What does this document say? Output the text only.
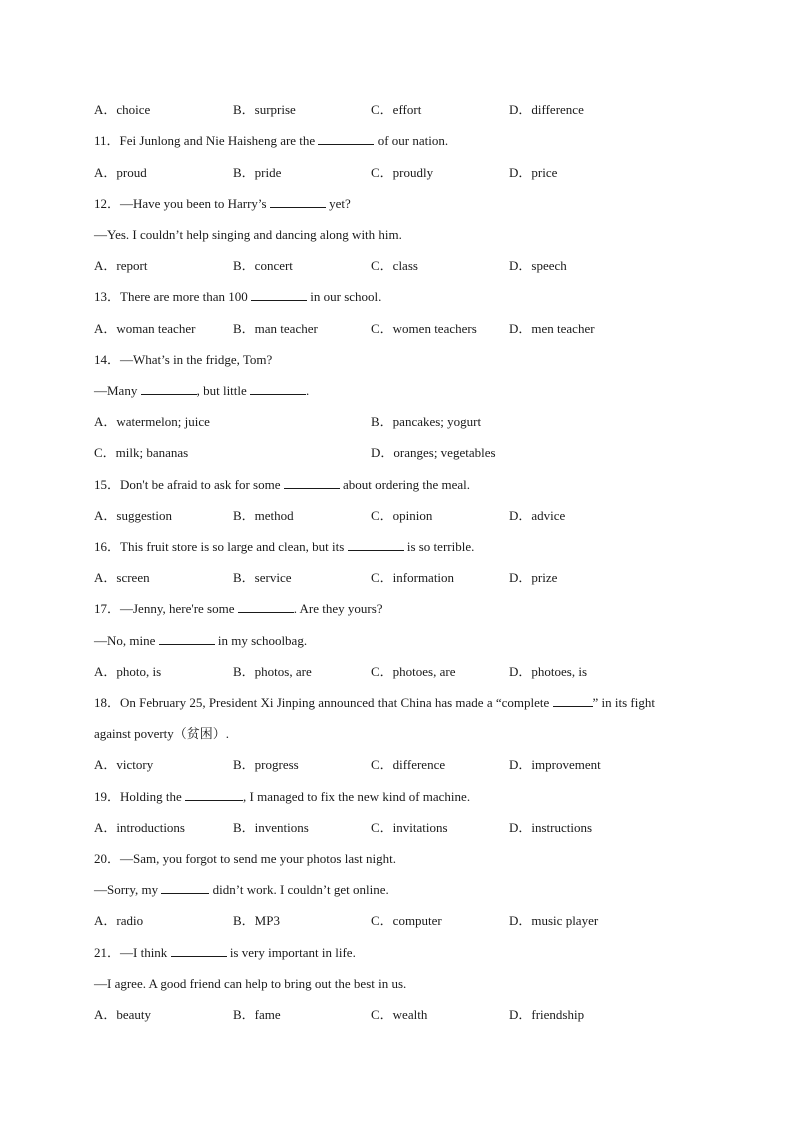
A．choice	B．surprise	C．effort	D．difference
11．Fei Junlong and Nie Haisheng are the	of our nation.
A．proud	B．pride	C．proudly	D．price
12．—Have you been to Harry’s	yet?
—Yes. I couldn’t help singing and dancing along with him.
A．report	B．concert	C．class	D．speech
13．There are more than 100	in our school.
A．woman teacher	B．man teacher	C．women teachers D．men teacher
14．—What’s in the fridge, Tom?
—Many	, but little	.
A．watermelon; juice	B．pancakes; yogurt
C．milk; bananas	D．oranges; vegetables
15．Don't be afraid to ask for some	about ordering the meal.
A．suggestion	B．method	C．opinion	D．advice
16．This fruit store is so large and clean, but its	is so terrible.
A．screen	B．service	C．information	D．prize
17．—Jenny, here're some	. Are they yours?
—No, mine	in my schoolbag.
A．photo, is	B．photos, are	C．photoes, are	D．photoes, is
18．On February 25, President Xi Jinping announced that China has made a “complete	” in its fight
against poverty（贫困）.
A．victory	B．progress	C．difference	D．improvement
19．Holding the	, I managed to fix the new kind of machine.
A．introductions	B．inventions	C．invitations	D．instructions
20．—Sam, you forgot to send me your photos last night.
—Sorry, my	didn’t work. I couldn’t get online.
A．radio	B．MP3	C．computer	D．music player
21．—I think	is very important in life.
—I agree. A good friend can help to bring out the best in us.
A．beauty	B．fame	C．wealth	D．friendship
